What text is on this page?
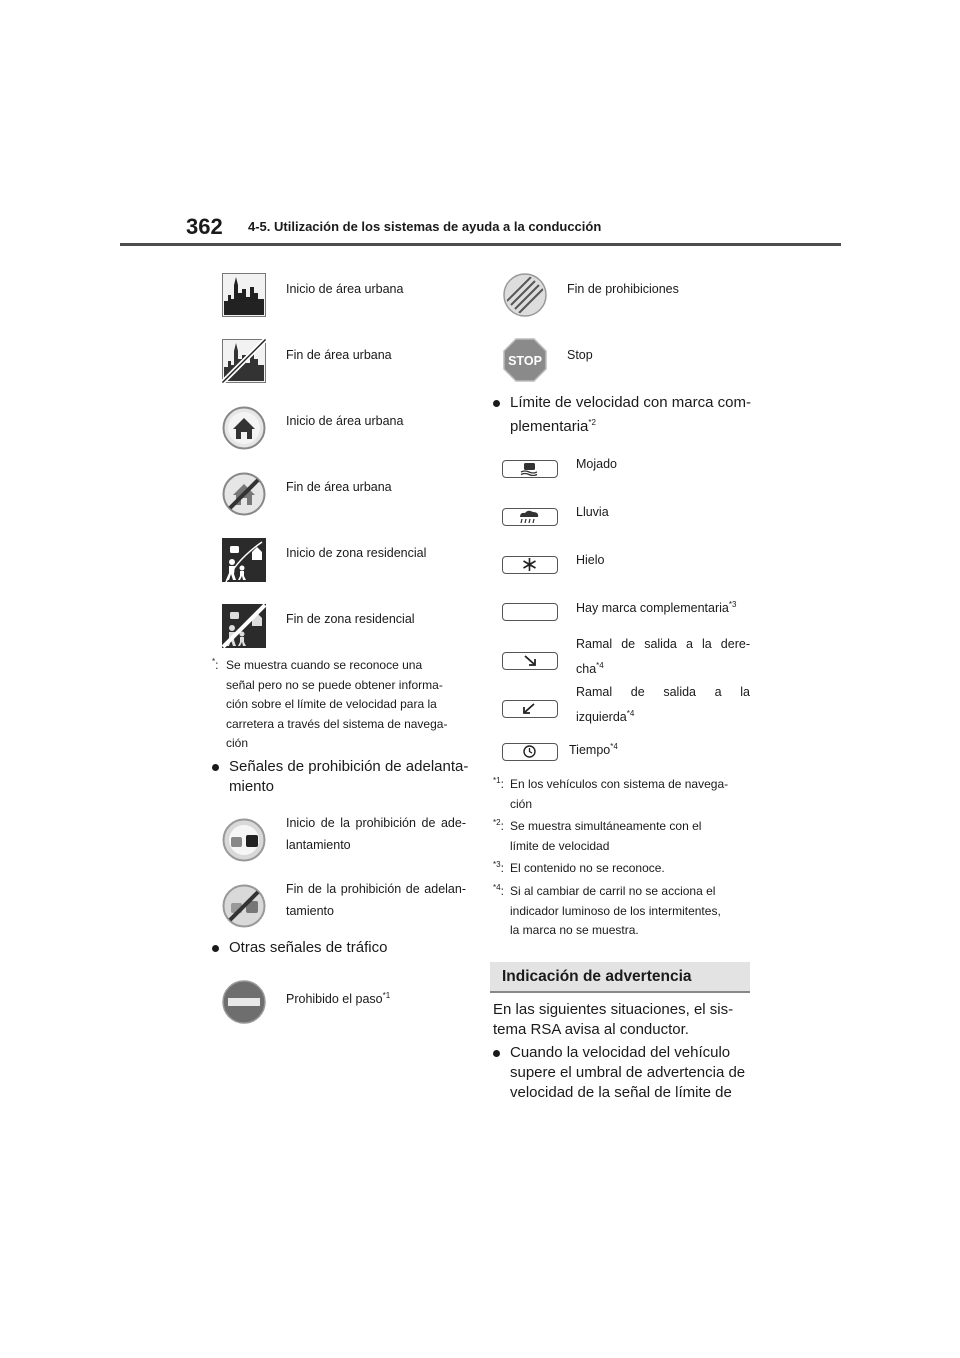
362 4-5. Utilización de los sistemas de ayuda a la conducción
Inicio de área urbana
Fin de área urbana
Inicio de área urbana
Fin de área urbana
Inicio de zona residencial
Fin de zona residencial
*: Se muestra cuando se reconoce una
señal pero no se puede obtener informa-
ción sobre el límite de velocidad para la
carretera a través del sistema de navega-
ción
Señales de prohibición de adelanta-
miento
Inicio de la prohibición de ade-
lantamiento
Fin de la prohibición de adelan-
tamiento
Otras señales de tráfico
Prohibido el paso$^{*1}$
Fin de prohibiciones
STOP Stop
Límite de velocidad con marca com-
plementaria$^{*2}$
Mojado
Lluvia
Hielo
Hay marca complementaria$^{*3}$
Ramal de salida a la dere-
cha$^{*4}$
Ramal de salida a la
izquierda$^{*4}$
Tiempo$^{*4}$
$^{*1}$: En los vehículos con sistema de navega-
ción
$^{*2}$: Se muestra simultáneamente con el
límite de velocidad
$^{*3}$: El contenido no se reconoce.
$^{*4}$: Si al cambiar de carril no se acciona el
indicador luminoso de los intermitentes,
la marca no se muestra.
Indicación de advertencia
En las siguientes situaciones, el sis-
tema RSA avisa al conductor.
Cuando la velocidad del vehículo
supere el umbral de advertencia de
velocidad de la señal de límite de
